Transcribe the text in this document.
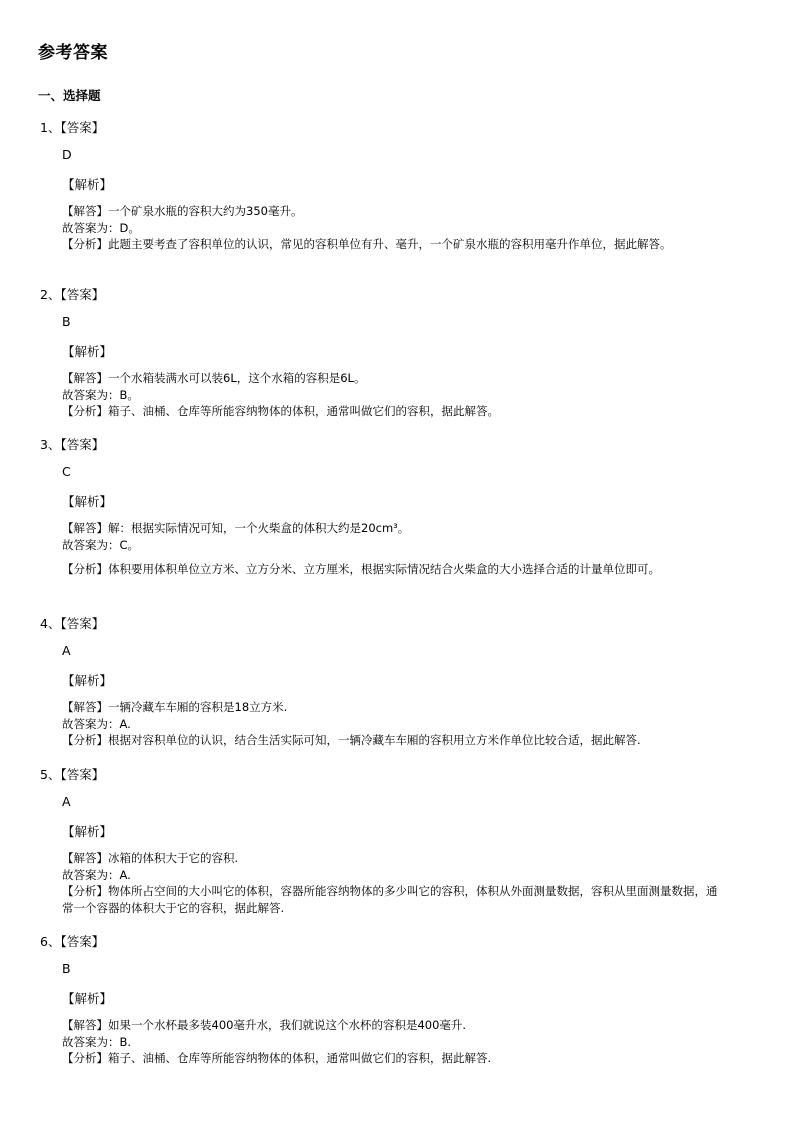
参考答案
一、选择题
1、【答案】
D
【解析】
【解答】一个矿泉水瓶的容积大约为350毫升。
故答案为：D。
【分析】此题主要考查了容积单位的认识，常见的容积单位有升、毫升，一个矿泉水瓶的容积用毫升作单位，据此解答。
2、【答案】
B
【解析】
【解答】一个水箱装满水可以装6L，这个水箱的容积是6L。
故答案为：B。
【分析】箱子、油桶、仓库等所能容纳物体的体积，通常叫做它们的容积，据此解答。
3、【答案】
C
【解析】
【解答】解：根据实际情况可知，一个火柴盒的体积大约是20cm³。
故答案为：C。
【分析】体积要用体积单位立方米、立方分米、立方厘米，根据实际情况结合火柴盒的大小选择合适的计量单位即可。
4、【答案】
A
【解析】
【解答】一辆冷藏车车厢的容积是18立方米.
故答案为：A.
【分析】根据对容积单位的认识，结合生活实际可知，一辆冷藏车车厢的容积用立方米作单位比较合适，据此解答.
5、【答案】
A
【解析】
【解答】冰箱的体积大于它的容积.
故答案为：A.
【分析】物体所占空间的大小叫它的体积，容器所能容纳物体的多少叫它的容积，体积从外面测量数据，容积从里面测量数据，通常一个容器的体积大于它的容积，据此解答.
6、【答案】
B
【解析】
【解答】如果一个水杯最多装400毫升水，我们就说这个水杯的容积是400毫升.
故答案为：B.
【分析】箱子、油桶、仓库等所能容纳物体的体积，通常叫做它们的容积，据此解答.
